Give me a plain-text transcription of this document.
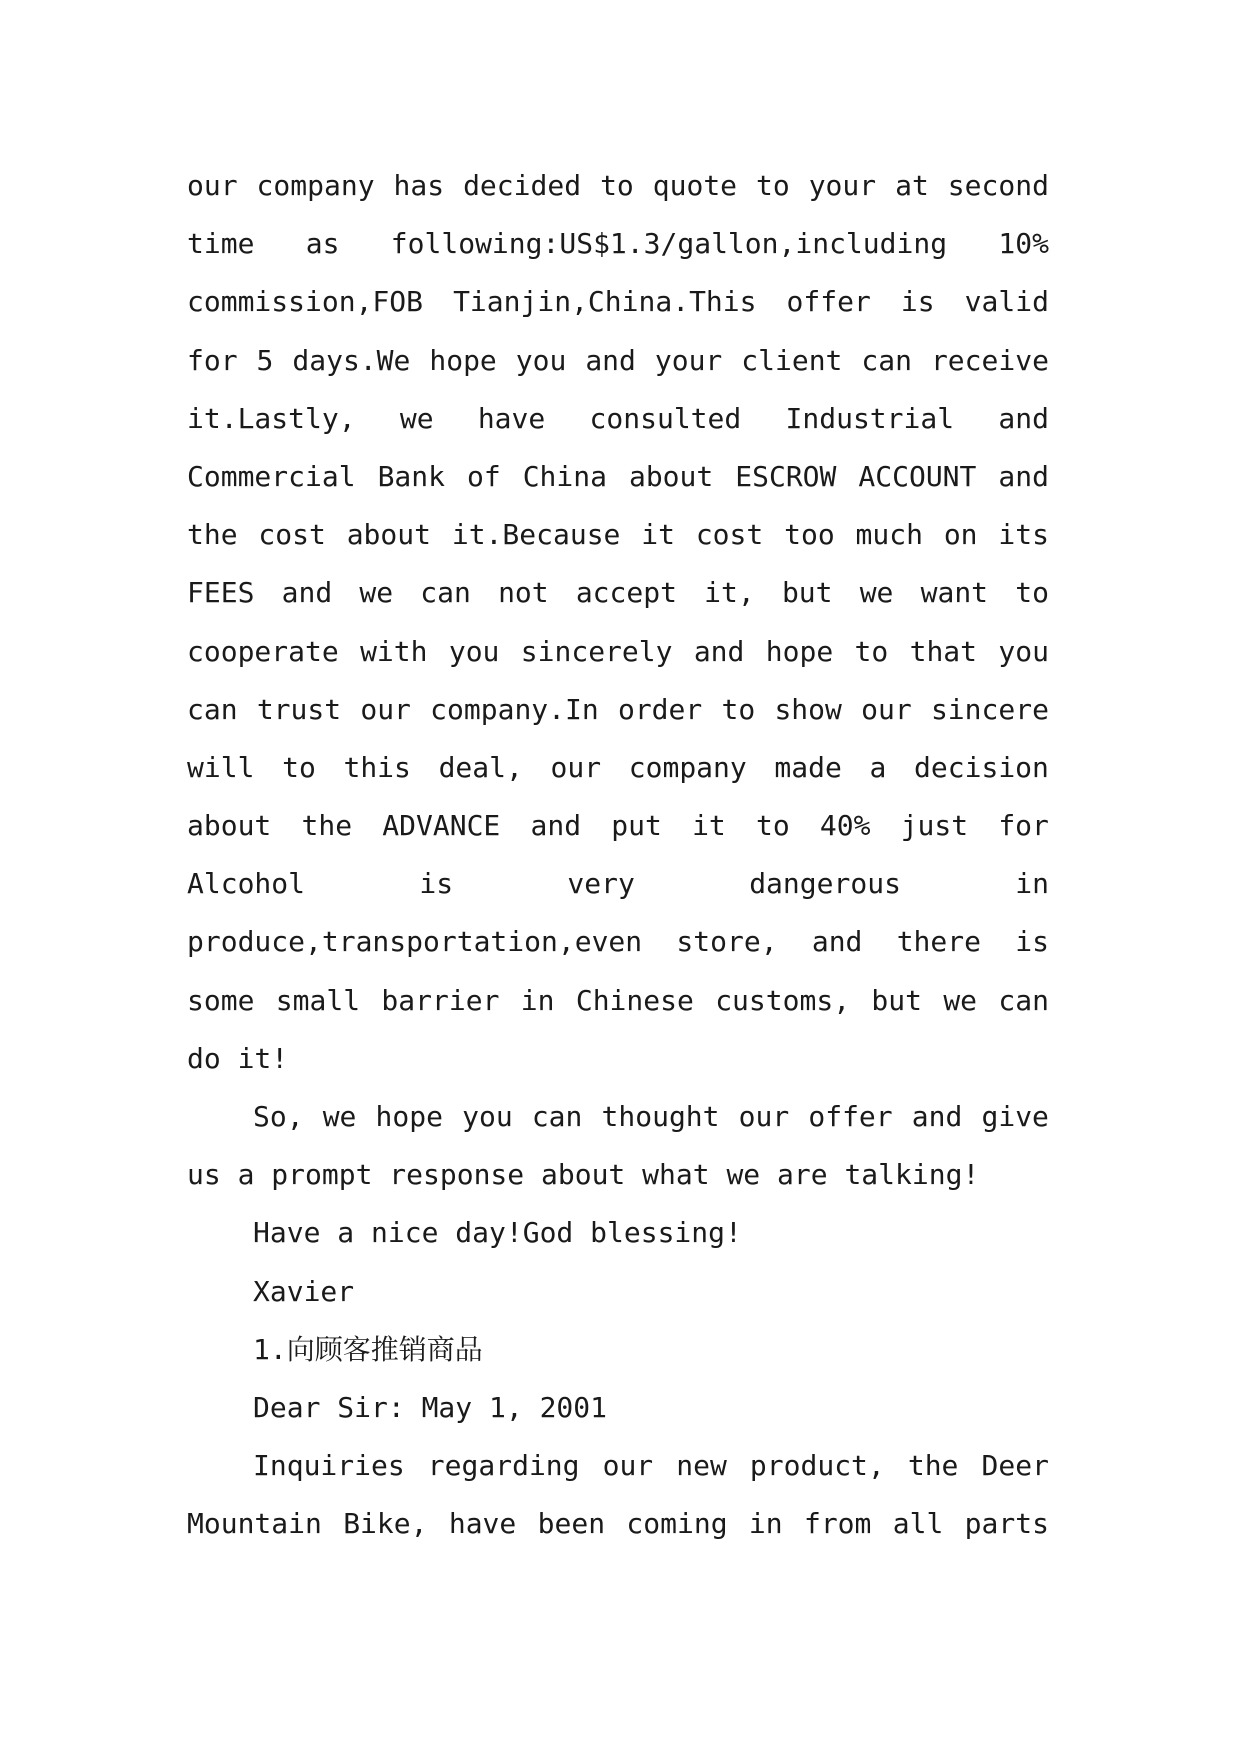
our company has decided to quote to your at second
time as following:US$1.3/gallon,including 10%
commission,FOB Tianjin,China.This offer is valid
for 5 days.We hope you and your client can receive
it.Lastly, we have consulted Industrial and
Commercial Bank of China about ESCROW ACCOUNT and
the cost about it.Because it cost too much on its
FEES and we can not accept it, but we want to
cooperate with you sincerely and hope to that you
can trust our company.In order to show our sincere
will to this deal, our company made a decision
about the ADVANCE and put it to 40% just for
Alcohol	is	very	dangerous	in
produce,transportation,even store, and there is
some small barrier in Chinese customs, but we can
do it!
So, we hope you can thought our offer and give
us a prompt response about what we are talking!
Have a nice day!God blessing!
Xavier
1.向顾客推销商品
Dear Sir: May 1, 2001
Inquiries regarding our new product, the Deer
Mountain Bike, have been coming in from all parts
